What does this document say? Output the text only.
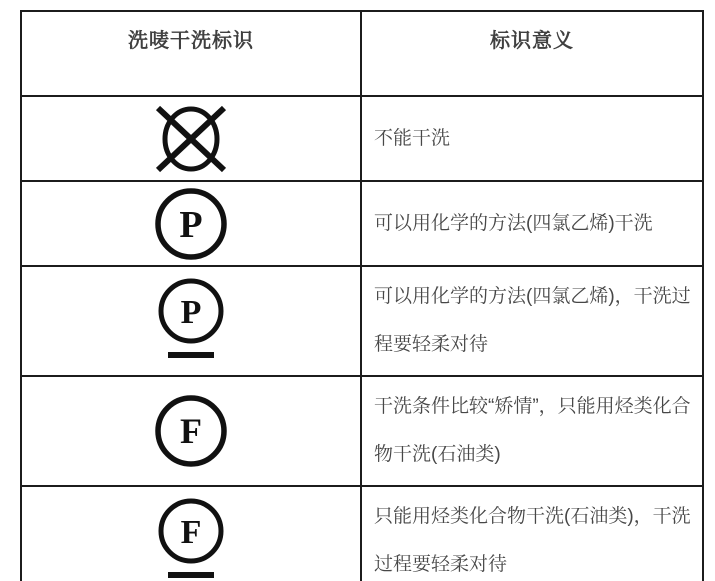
洗唛干洗标识	标识意义

	不能干洗

P	可以用化学的方法(四氯乙烯)干洗

P	可以用化学的方法(四氯乙烯)，干洗过程要轻柔对待

F	干洗条件比较“矫情”，只能用烃类化合物干洗(石油类)

F	只能用烃类化合物干洗(石油类)，干洗过程要轻柔对待
